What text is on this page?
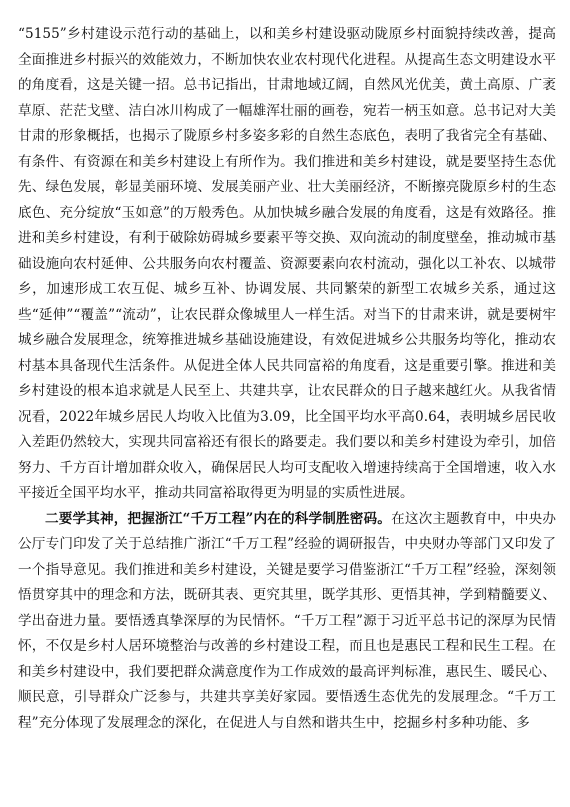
“5155”乡村建设示范行动的基础上，以和美乡村建设驱动陇原乡村面貌持续改善，提高全面推进乡村振兴的效能效力，不断加快农业农村现代化进程。从提高生态文明建设水平的角度看，这是关键一招。总书记指出，甘肃地域辽阔，自然风光优美，黄土高原、广袤草原、茫茫戈壁、洁白冰川构成了一幅雄浑壮丽的画卷，宛若一柄玉如意。总书记对大美甘肃的形象概括，也揭示了陇原乡村多姿多彩的自然生态底色，表明了我省完全有基础、有条件、有资源在和美乡村建设上有所作为。我们推进和美乡村建设，就是要坚持生态优先、绿色发展，彰显美丽环境、发展美丽产业、壮大美丽经济，不断擦亮陇原乡村的生态底色、充分绽放“玉如意”的万般秀色。从加快城乡融合发展的角度看，这是有效路径。推进和美乡村建设，有利于破除妨碍城乡要素平等交换、双向流动的制度壁垒，推动城市基础设施向农村延伸、公共服务向农村覆盖、资源要素向农村流动，强化以工补农、以城带乡，加速形成工农互促、城乡互补、协调发展、共同繁荣的新型工农城乡关系，通过这些“延伸”“覆盖”“流动”，让农民群众像城里人一样生活。对当下的甘肃来讲，就是要树牢城乡融合发展理念，统筹推进城乡基础设施建设，有效促进城乡公共服务均等化，推动农村基本具备现代生活条件。从促进全体人民共同富裕的角度看，这是重要引擎。推进和美乡村建设的根本追求就是人民至上、共建共享，让农民群众的日子越来越红火。从我省情况看，2022年城乡居民人均收入比值为3.09，比全国平均水平高0.64，表明城乡居民收入差距仍然较大，实现共同富裕还有很长的路要走。我们要以和美乡村建设为牵引，加倍努力、千方百计增加群众收入，确保居民人均可支配收入增速持续高于全国增速，收入水平接近全国平均水平，推动共同富裕取得更为明显的实质性进展。

二要学其神，把握浙江“千万工程”内在的科学制胜密码。在这次主题教育中，中央办公厅专门印发了关于总结推广浙江“千万工程”经验的调研报告，中央财办等部门又印发了一个指导意见。我们推进和美乡村建设，关键是要学习借鉴浙江“千万工程”经验，深刻领悟贯穿其中的理念和方法，既研其表、更究其里，既学其形、更悟其神，学到精髓要义、学出奋进力量。要悟透真挚深厚的为民情怀。“千万工程”源于习近平总书记的深厚为民情怀，不仅是乡村人居环境整治与改善的乡村建设工程，而且也是惠民工程和民生工程。在和美乡村建设中，我们要把群众满意度作为工作成效的最高评判标准，惠民生、暖民心、顺民意，引导群众广泛参与，共建共享美好家园。要悟透生态优先的发展理念。“千万工程”充分体现了发展理念的深化，在促进人与自然和谐共生中，挖掘乡村多种功能、多
